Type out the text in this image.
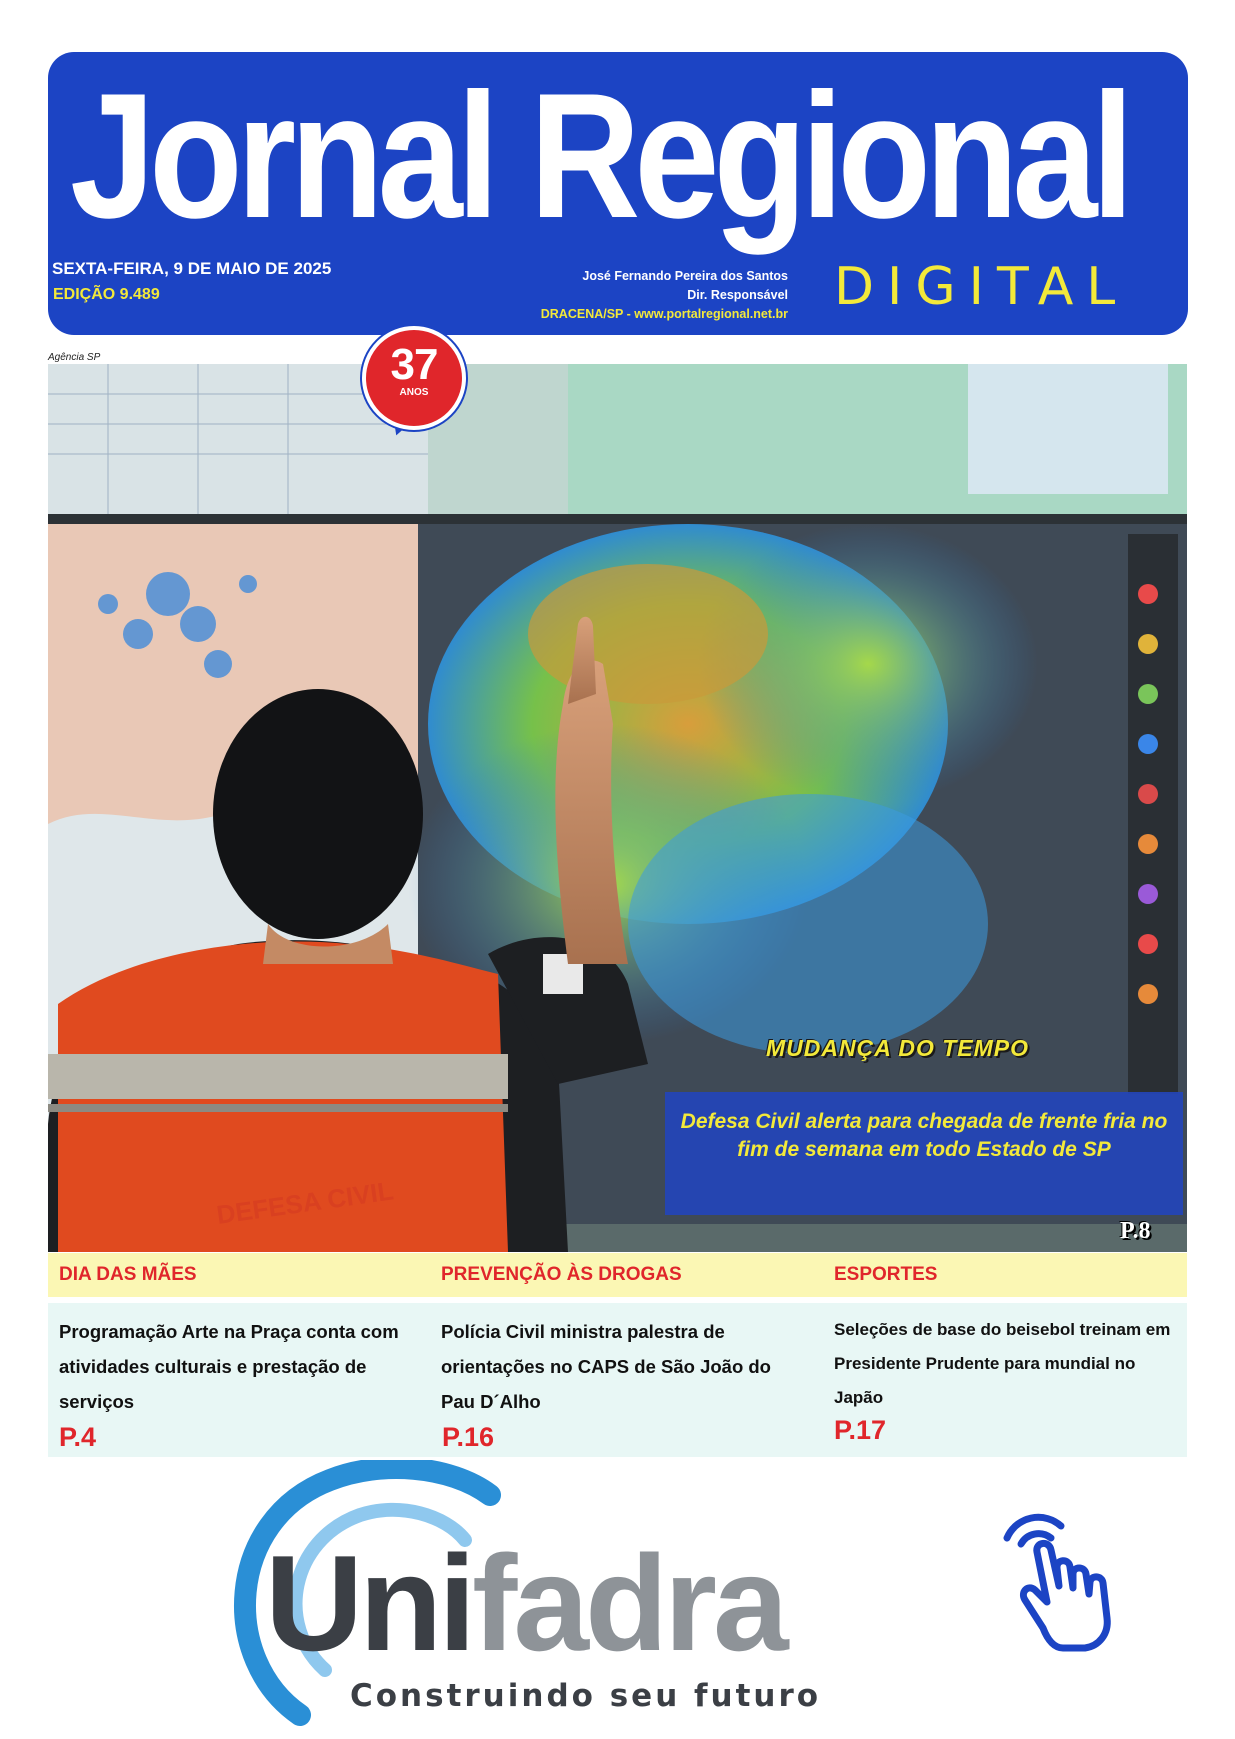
Jornal Regional
SEXTA-FEIRA, 9 DE MAIO DE 2025
EDIÇÃO 9.489
José Fernando Pereira dos Santos
Dir. Responsável
DRACENA/SP - www.portalregional.net.br DIGITAL
Agência SP
DEFESA CIVIL
37
ANOS
MUDANÇA DO TEMPO
Defesa Civil alerta para chegada de frente fria no fim de semana em todo Estado de SP
P.8
DIA DAS MÃES	PREVENÇÃO ÀS DROGAS	ESPORTES
Programação Arte na Praça conta com atividades culturais e prestação de serviços
Polícia Civil ministra palestra de orientações no CAPS de São João do Pau D´Alho
Seleções de base do beisebol treinam em Presidente Prudente para mundial no Japão
P.4	P.16	P.17
Unifadra
Construindo seu futuro
